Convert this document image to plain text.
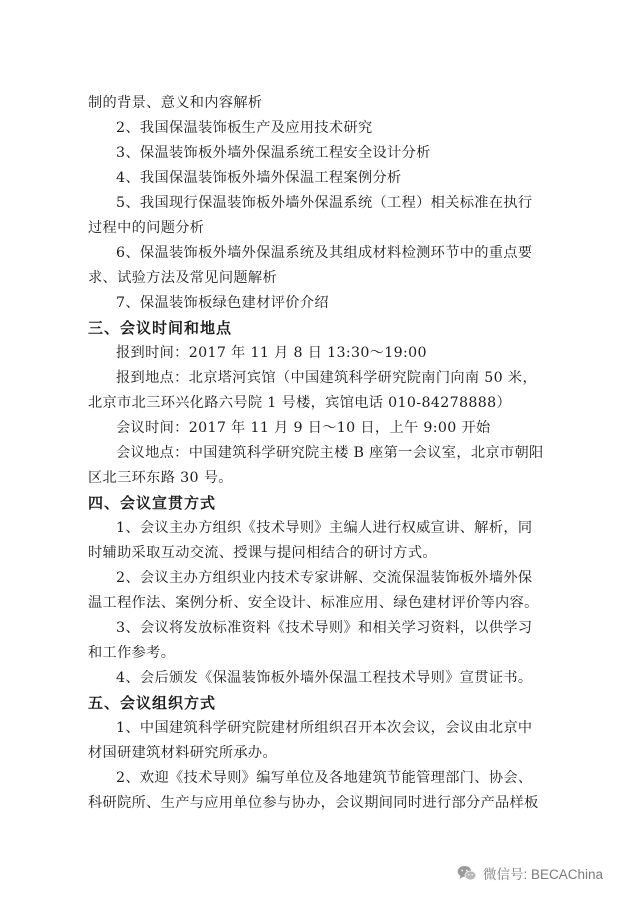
制的背景、意义和内容解析
2、我国保温装饰板生产及应用技术研究
3、保温装饰板外墙外保温系统工程安全设计分析
4、我国保温装饰板外墙外保温工程案例分析
5、我国现行保温装饰板外墙外保温系统（工程）相关标准在执行
过程中的问题分析
6、保温装饰板外墙外保温系统及其组成材料检测环节中的重点要
求、试验方法及常见问题解析
7、保温装饰板绿色建材评价介绍
三、会议时间和地点
报到时间：2017 年 11 月 8 日 13:30～19:00
报到地点：北京塔河宾馆（中国建筑科学研究院南门向南 50 米，
北京市北三环兴化路六号院 1 号楼，宾馆电话 010-84278888）
会议时间：2017 年 11 月 9 日～10 日，上午 9:00 开始
会议地点：中国建筑科学研究院主楼 B 座第一会议室，北京市朝阳
区北三环东路 30 号。
四、会议宣贯方式
1、会议主办方组织《技术导则》主编人进行权威宣讲、解析，同
时辅助采取互动交流、授课与提问相结合的研讨方式。
2、会议主办方组织业内技术专家讲解、交流保温装饰板外墙外保
温工程作法、案例分析、安全设计、标准应用、绿色建材评价等内容。
3、会议将发放标准资料《技术导则》和相关学习资料，以供学习
和工作参考。
4、会后颁发《保温装饰板外墙外保温工程技术导则》宣贯证书。
五、会议组织方式
1、中国建筑科学研究院建材所组织召开本次会议，会议由北京中
材国研建筑材料研究所承办。
2、欢迎《技术导则》编写单位及各地建筑节能管理部门、协会、
科研院所、生产与应用单位参与协办，会议期间同时进行部分产品样板
微信号: BECAChina
